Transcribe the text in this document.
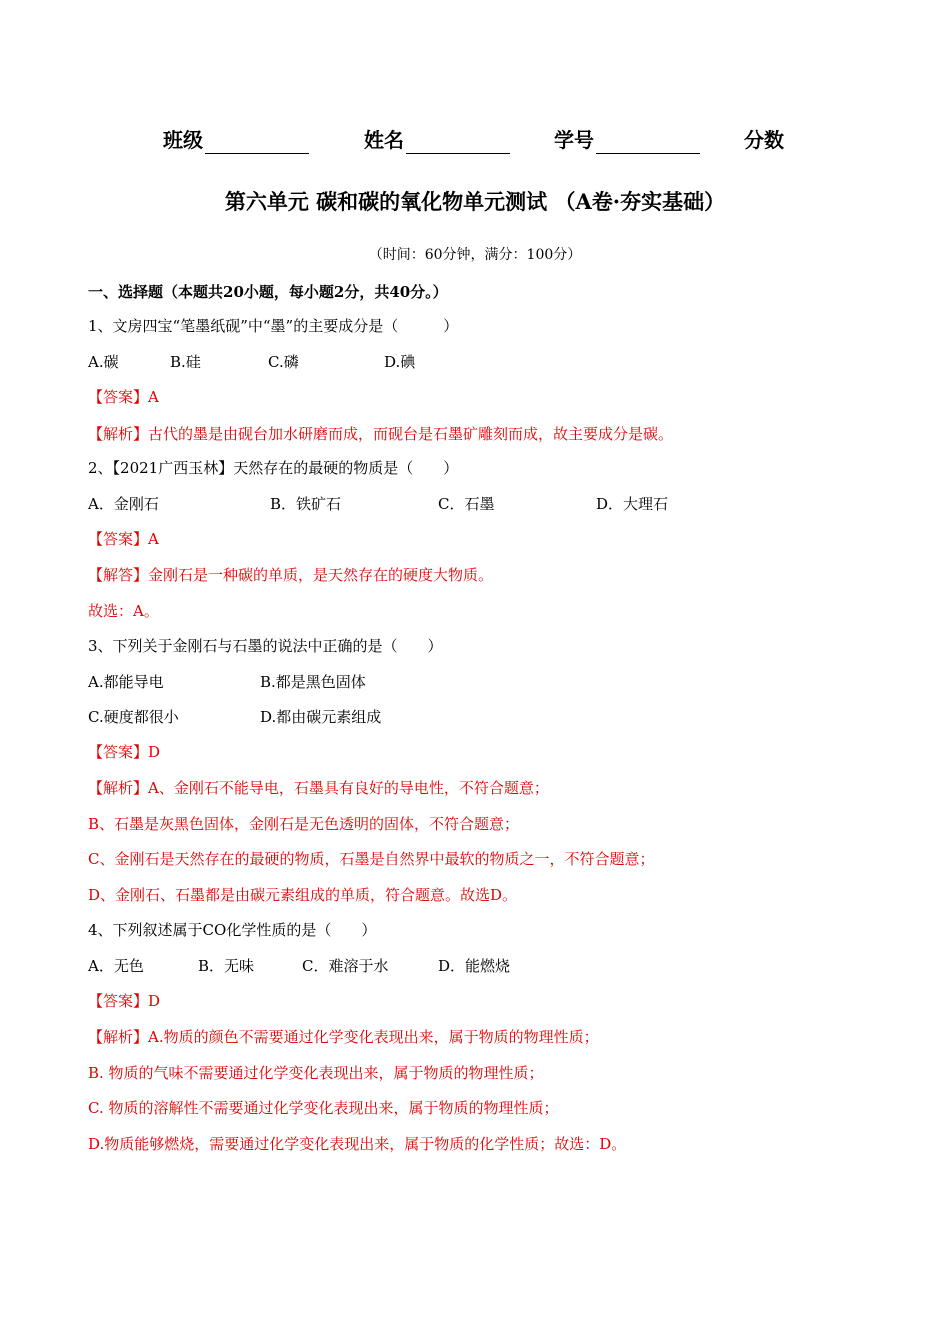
班级	姓名	学号	分数
第六单元 碳和碳的氧化物单元测试 （A卷·夯实基础）
（时间：60分钟，满分：100分）
一、选择题（本题共20小题，每小题2分，共40分。）
1、文房四宝“笔墨纸砚”中“墨”的主要成分是（　　　）
A.碳	B.硅	C.磷	D.碘
【答案】A
【解析】古代的墨是由砚台加水研磨而成，而砚台是石墨矿雕刻而成，故主要成分是碳。
2、【2021广西玉林】天然存在的最硬的物质是（　　）
A．金刚石	B．铁矿石	C．石墨	D．大理石
【答案】A
【解答】金刚石是一种碳的单质，是天然存在的硬度大物质。
故选：A。
3、下列关于金刚石与石墨的说法中正确的是（　　）
A.都能导电	B.都是黑色固体
C.硬度都很小	D.都由碳元素组成
【答案】D
【解析】A、金刚石不能导电，石墨具有良好的导电性，不符合题意；
B、石墨是灰黑色固体，金刚石是无色透明的固体，不符合题意；
C、金刚石是天然存在的最硬的物质，石墨是自然界中最软的物质之一，不符合题意；
D、金刚石、石墨都是由碳元素组成的单质，符合题意。故选D。
4、下列叙述属于CO化学性质的是（　　）
A．无色	B．无味	C．难溶于水	D．能燃烧
【答案】D
【解析】A.物质的颜色不需要通过化学变化表现出来，属于物质的物理性质；
B. 物质的气味不需要通过化学变化表现出来，属于物质的物理性质；
C. 物质的溶解性不需要通过化学变化表现出来，属于物质的物理性质；
D.物质能够燃烧，需要通过化学变化表现出来，属于物质的化学性质；故选：D。
